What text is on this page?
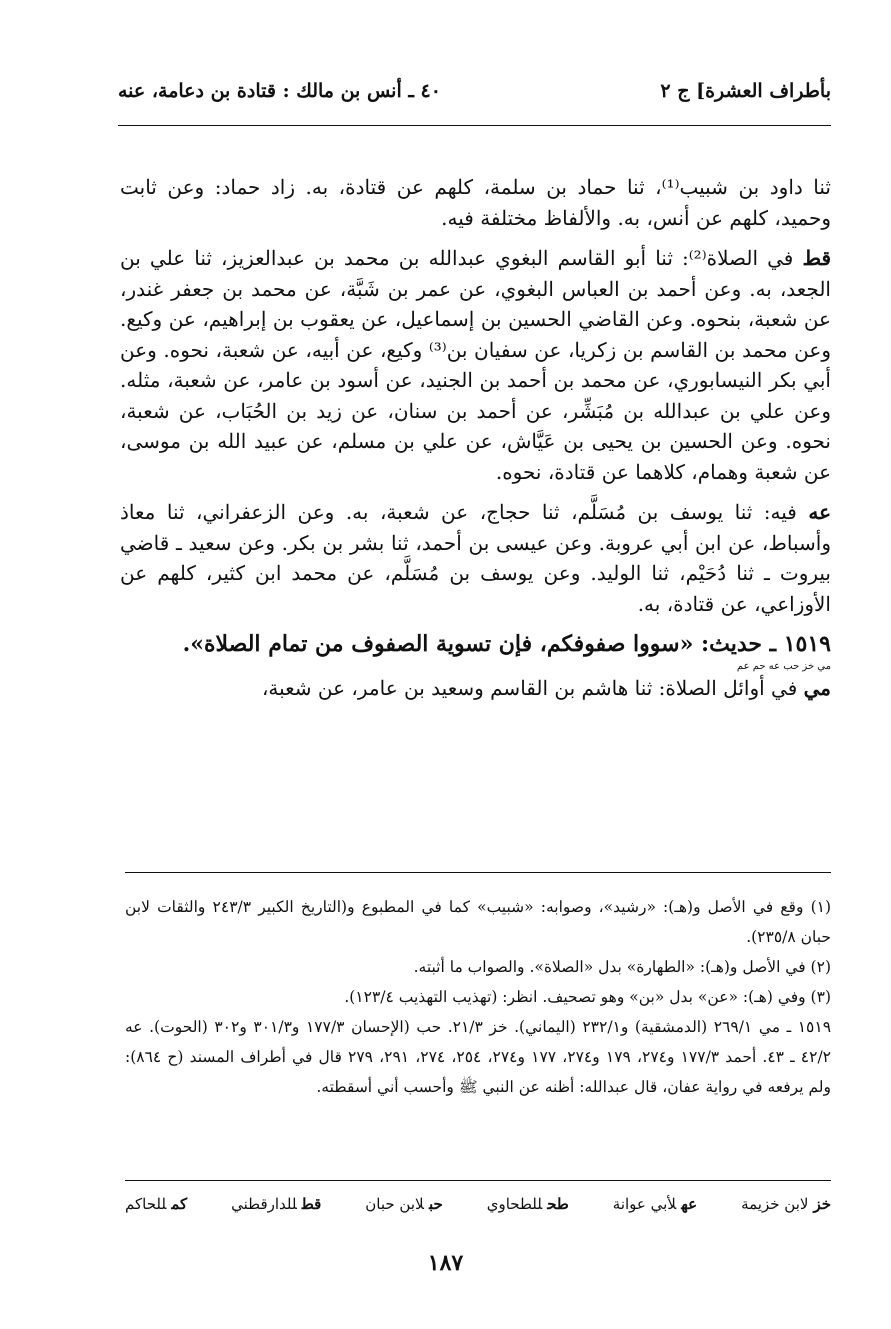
بأطراف العشرة] ج ٢
٤٠ ـ أنس بن مالك : قتادة بن دعامة، عنه

ثنا داود بن شبيب⁽¹⁾، ثنا حماد بن سلمة، كلهم عن قتادة، به. زاد حماد: وعن ثابت وحميد، كلهم عن أنس، به. والألفاظ مختلفة فيه.

قط في الصلاة⁽²⁾: ثنا أبو القاسم البغوي عبدالله بن محمد بن عبدالعزيز، ثنا علي بن الجعد، به. وعن أحمد بن العباس البغوي، عن عمر بن شَبَّة، عن محمد بن جعفر غندر، عن شعبة، بنحوه. وعن القاضي الحسين بن إسماعيل، عن يعقوب بن إبراهيم، عن وكيع. وعن محمد بن القاسم بن زكريا، عن سفيان بن⁽³⁾ وكيع، عن أبيه، عن شعبة، نحوه. وعن أبي بكر النيسابوري، عن محمد بن أحمد بن الجنيد، عن أسود بن عامر، عن شعبة، مثله. وعن علي بن عبدالله بن مُبَشِّر، عن أحمد بن سنان، عن زيد بن الحُبَاب، عن شعبة، نحوه. وعن الحسين بن يحيى بن عَيَّاش، عن علي بن مسلم، عن عبيد الله بن موسى، عن شعبة وهمام، كلاهما عن قتادة، نحوه.

عه فيه: ثنا يوسف بن مُسَلَّم، ثنا حجاج، عن شعبة، به. وعن الزعفراني، ثنا معاذ وأسباط، عن ابن أبي عروبة. وعن عيسى بن أحمد، ثنا بشر بن بكر. وعن سعيد ـ قاضي بيروت ـ ثنا دُحَيْم، ثنا الوليد. وعن يوسف بن مُسَلَّم، عن محمد ابن كثير، كلهم عن الأوزاعي، عن قتادة، به.

١٥١٩ ـ حديث: «سووا صفوفكم، فإن تسوية الصفوف من تمام الصلاة».
مي خز حب عه حم عم

مي في أوائل الصلاة: ثنا هاشم بن القاسم وسعيد بن عامر، عن شعبة،

(١) وقع في الأصل و(هـ): «رشيد»، وصوابه: «شبيب» كما في المطبوع و(التاريخ الكبير ٢٤٣/٣ والثقات لابن حبان ٢٣٥/٨).

(٢) في الأصل و(هـ): «الطهارة» بدل «الصلاة». والصواب ما أثبته.

(٣) وفي (هـ): «عن» بدل «بن» وهو تصحيف. انظر: (تهذيب التهذيب ١٢٣/٤).

١٥١٩ ـ مي ٢٦٩/١ (الدمشقية) و٢٣٢/١ (اليماني). خز ٢١/٣. حب (الإحسان ١٧٧/٣ و٣٠١/٣ و٣٠٢ (الحوت). عه ٤٢/٢ ـ ٤٣. أحمد ١٧٧/٣ و٢٧٤، ١٧٩ و٢٧٤، ١٧٧ و٢٧٤، ٢٥٤، ٢٧٤، ٢٩١، ٢٧٩ قال في أطراف المسند (ح ٨٦٤): ولم يرفعه في رواية عفان، قال عبدالله: أظنه عن النبي ﷺ وأحسب أني أسقطته.

خزلابن خزيمة
عهلأبي عوانة
طحللطحاوي
حبلابن حبان
قطللدارقطني
كمللحاكم
١٨٧
